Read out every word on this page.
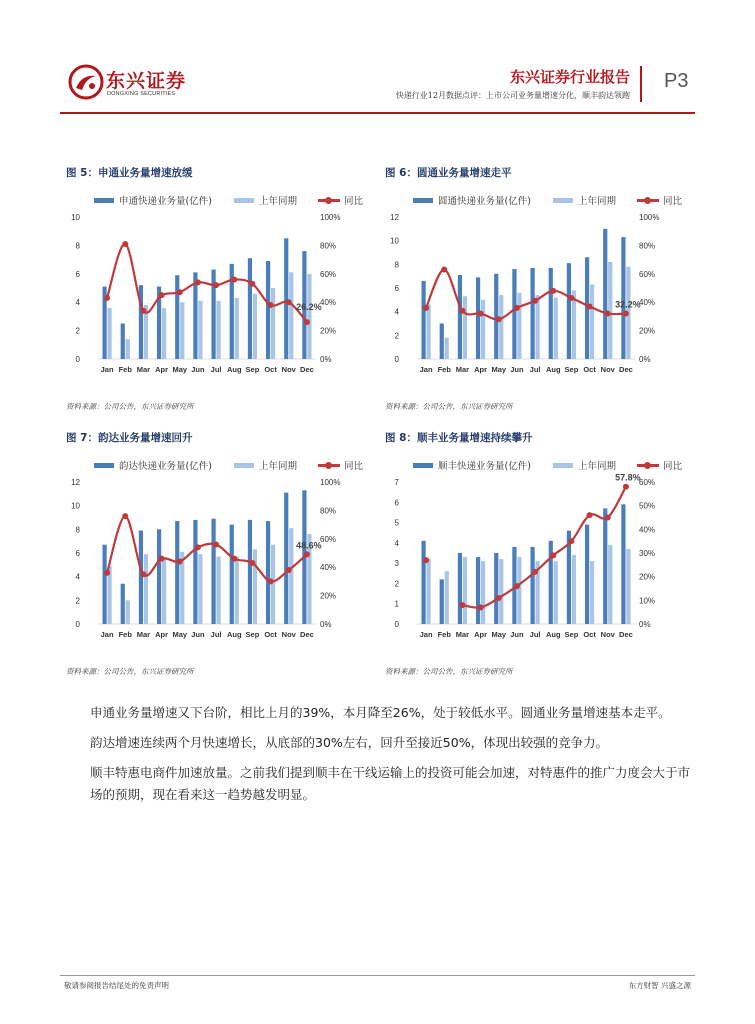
东兴证券
DONGXING SECURITIES
东兴证券行业报告
快递行业12月数据点评：上市公司业务量增速分化，顺丰韵达领跑
P3
图 5：申通业务量增速放缓
申通快递业务量(亿件)	上年同期	同比
0
2
4
6
8
10
0%
20%
40%
60%
80%
100%
Jan Feb Mar Apr May Jun Jul Aug Sep Oct Nov Dec
26.2%
资料来源：公司公告，东兴证券研究所
图 6：圆通业务量增速走平
圆通快递业务量(亿件)	上年同期	同比
0
2
4
6
8
10
12
0%
20%
40%
60%
80%
100%
Jan Feb Mar Apr May Jun Jul Aug Sep Oct Nov Dec
32.2%
资料来源：公司公告，东兴证券研究所
图 7：韵达业务量增速回升
韵达快递业务量(亿件)	上年同期	同比
0
2
4
6
8
10
12
0%
20%
40%
60%
80%
100%
Jan Feb Mar Apr May Jun Jul Aug Sep Oct Nov Dec
48.6%
资料来源：公司公告，东兴证券研究所
图 8：顺丰业务量增速持续攀升
顺丰快递业务量(亿件)	上年同期	同比
0
1
2
3
4
5
6
7
0%
10%
20%
30%
40%
50%
60%
Jan Feb Mar Apr May Jun Jul Aug Sep Oct Nov Dec
57.8%
资料来源：公司公告，东兴证券研究所

申通业务量增速又下台阶，相比上月的39%，本月降至26%，处于较低水平。圆通业务量增速基本走平。

韵达增速连续两个月快速增长，从底部的30%左右，回升至接近50%，体现出较强的竞争力。

顺丰特惠电商件加速放量。之前我们提到顺丰在干线运输上的投资可能会加速，对特惠件的推广力度会大于市场的预期，现在看来这一趋势越发明显。

敬请参阅报告结尾处的免责声明	东方财智 兴盛之源
